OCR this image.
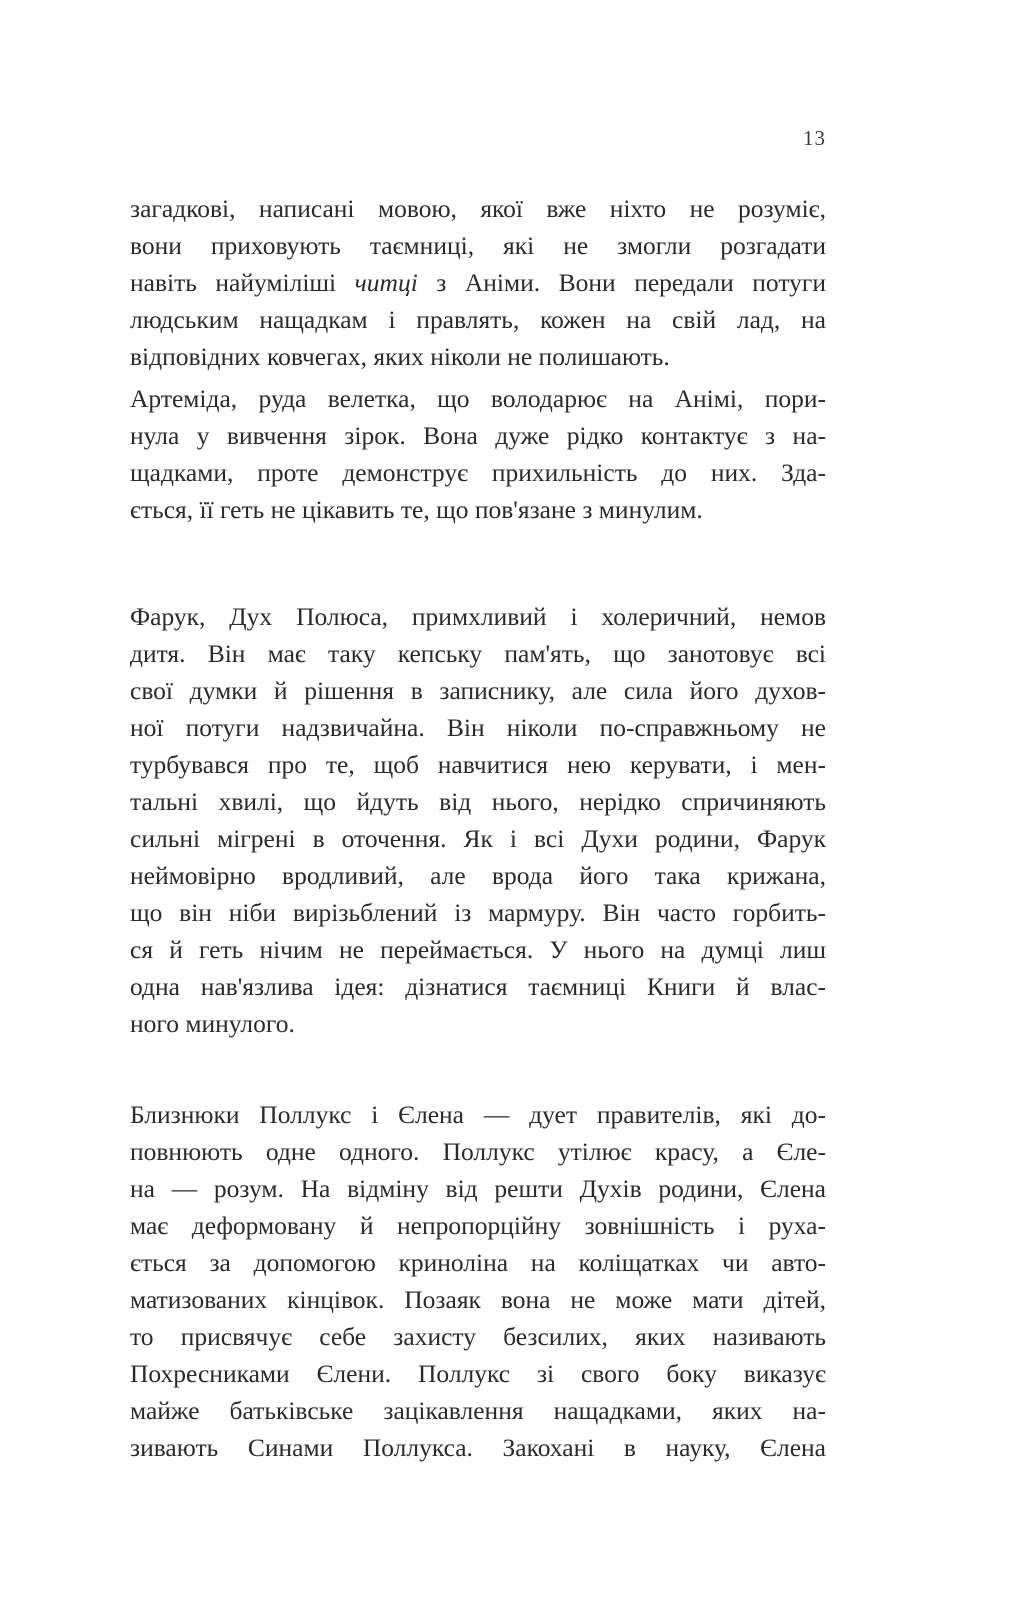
13
загадкові, написані мовою, якої вже ніхто не розуміє,
вони приховують таємниці, які не змогли розгадати
навіть найуміліші читці з Аніми. Вони передали потуги
людським нащадкам і правлять, кожен на свій лад, на
відповідних ковчегах, яких ніколи не полишають.
Артеміда, руда велетка, що володарює на Анімі, пори-
нула у вивчення зірок. Вона дуже рідко контактує з на-
щадками, проте демонструє прихильність до них. Зда-
ється, її геть не цікавить те, що пов'язане з минулим.
Фарук, Дух Полюса, примхливий і холеричний, немов
дитя. Він має таку кепську пам'ять, що занотовує всі
свої думки й рішення в записнику, але сила його духов-
ної потуги надзвичайна. Він ніколи по-справжньому не
турбувався про те, щоб навчитися нею керувати, і мен-
тальні хвилі, що йдуть від нього, нерідко спричиняють
сильні мігрені в оточення. Як і всі Духи родини, Фарук
неймовірно вродливий, але врода його така крижана,
що він ніби вирізьблений із мармуру. Він часто горбить-
ся й геть нічим не переймається. У нього на думці лиш
одна нав'язлива ідея: дізнатися таємниці Книги й влас-
ного минулого.
Близнюки Поллукс і Єлена — дует правителів, які до-
повнюють одне одного. Поллукс утілює красу, а Єле-
на — розум. На відміну від решти Духів родини, Єлена
має деформовану й непропорційну зовнішність і руха-
ється за допомогою криноліна на коліщатках чи авто-
матизованих кінцівок. Позаяк вона не може мати дітей,
то присвячує себе захисту безсилих, яких називають
Похресниками Єлени. Поллукс зі свого боку виказує
майже батьківське зацікавлення нащадками, яких на-
зивають Синами Поллукса. Закохані в науку, Єлена
